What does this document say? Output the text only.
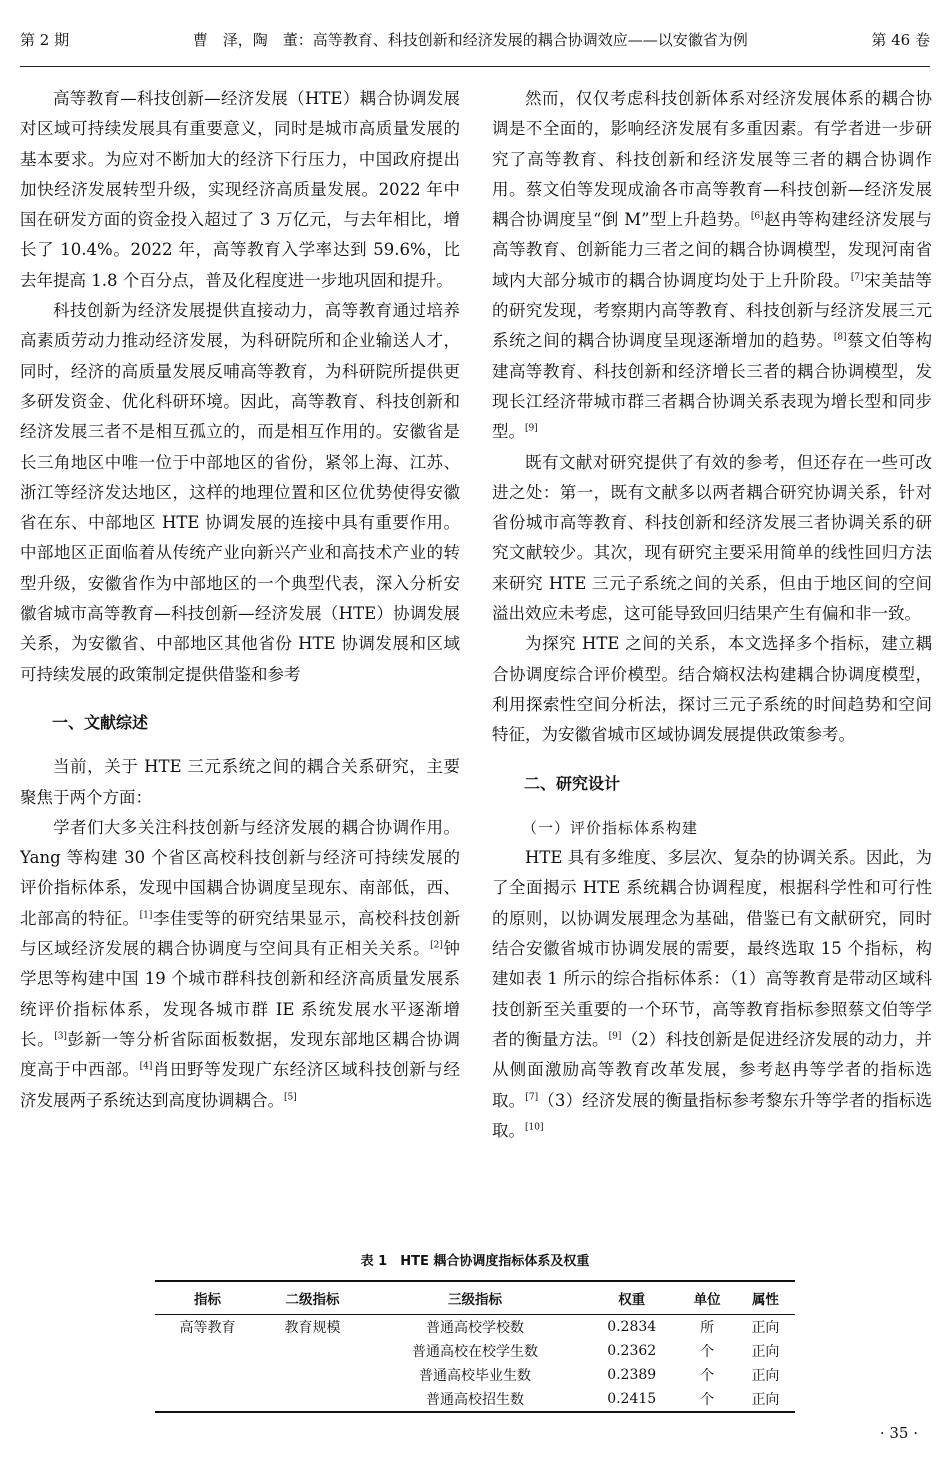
第 2 期	曹　泽，陶　董：高等教育、科技创新和经济发展的耦合协调效应——以安徽省为例	第 46 卷

高等教育—科技创新—经济发展（HTE）耦合协调发展对区域可持续发展具有重要意义，同时是城市高质量发展的基本要求。为应对不断加大的经济下行压力，中国政府提出加快经济发展转型升级，实现经济高质量发展。2022 年中国在研发方面的资金投入超过了 3 万亿元，与去年相比，增长了 10.4%。2022 年，高等教育入学率达到 59.6%，比去年提高 1.8 个百分点，普及化程度进一步地巩固和提升。

科技创新为经济发展提供直接动力，高等教育通过培养高素质劳动力推动经济发展，为科研院所和企业输送人才，同时，经济的高质量发展反哺高等教育，为科研院所提供更多研发资金、优化科研环境。因此，高等教育、科技创新和经济发展三者不是相互孤立的，而是相互作用的。安徽省是长三角地区中唯一位于中部地区的省份，紧邻上海、江苏、浙江等经济发达地区，这样的地理位置和区位优势使得安徽省在东、中部地区 HTE 协调发展的连接中具有重要作用。中部地区正面临着从传统产业向新兴产业和高技术产业的转型升级，安徽省作为中部地区的一个典型代表，深入分析安徽省城市高等教育—科技创新—经济发展（HTE）协调发展关系，为安徽省、中部地区其他省份 HTE 协调发展和区域可持续发展的政策制定提供借鉴和参考

一、文献综述

当前，关于 HTE 三元系统之间的耦合关系研究，主要聚焦于两个方面：

学者们大多关注科技创新与经济发展的耦合协调作用。Yang 等构建 30 个省区高校科技创新与经济可持续发展的评价指标体系，发现中国耦合协调度呈现东、南部低，西、北部高的特征。[1]李佳雯等的研究结果显示，高校科技创新与区域经济发展的耦合协调度与空间具有正相关关系。[2]钟学思等构建中国 19 个城市群科技创新和经济高质量发展系统评价指标体系，发现各城市群 IE 系统发展水平逐渐增长。[3]彭新一等分析省际面板数据，发现东部地区耦合协调度高于中西部。[4]肖田野等发现广东经济区域科技创新与经济发展两子系统达到高度协调耦合。[5]

然而，仅仅考虑科技创新体系对经济发展体系的耦合协调是不全面的，影响经济发展有多重因素。有学者进一步研究了高等教育、科技创新和经济发展等三者的耦合协调作用。蔡文伯等发现成渝各市高等教育—科技创新—经济发展耦合协调度呈“倒 M”型上升趋势。[6]赵冉等构建经济发展与高等教育、创新能力三者之间的耦合协调模型，发现河南省域内大部分城市的耦合协调度均处于上升阶段。[7]宋美喆等的研究发现，考察期内高等教育、科技创新与经济发展三元系统之间的耦合协调度呈现逐渐增加的趋势。[8]蔡文伯等构建高等教育、科技创新和经济增长三者的耦合协调模型，发现长江经济带城市群三者耦合协调关系表现为增长型和同步型。[9]

既有文献对研究提供了有效的参考，但还存在一些可改进之处：第一，既有文献多以两者耦合研究协调关系，针对省份城市高等教育、科技创新和经济发展三者协调关系的研究文献较少。其次，现有研究主要采用简单的线性回归方法来研究 HTE 三元子系统之间的关系，但由于地区间的空间溢出效应未考虑，这可能导致回归结果产生有偏和非一致。

为探究 HTE 之间的关系，本文选择多个指标，建立耦合协调度综合评价模型。结合熵权法构建耦合协调度模型，利用探索性空间分析法，探讨三元子系统的时间趋势和空间特征，为安徽省城市区域协调发展提供政策参考。

二、研究设计
（一）评价指标体系构建

HTE 具有多维度、多层次、复杂的协调关系。因此，为了全面揭示 HTE 系统耦合协调程度，根据科学性和可行性的原则，以协调发展理念为基础，借鉴已有文献研究，同时结合安徽省城市协调发展的需要，最终选取 15 个指标，构建如表 1 所示的综合指标体系：（1）高等教育是带动区域科技创新至关重要的一个环节，高等教育指标参照蔡文伯等学者的衡量方法。[9]（2）科技创新是促进经济发展的动力，并从侧面激励高等教育改革发展，参考赵冉等学者的指标选取。[7]（3）经济发展的衡量指标参考黎东升等学者的指标选取。[10]

表 1　HTE 耦合协调度指标体系及权重
指标	二级指标	三级指标	权重	单位	属性
高等教育	教育规模	普通高校学校数	0.2834	所	正向
		普通高校在校学生数	0.2362	个	正向
		普通高校毕业生数	0.2389	个	正向
		普通高校招生数	0.2415	个	正向
· 35 ·
